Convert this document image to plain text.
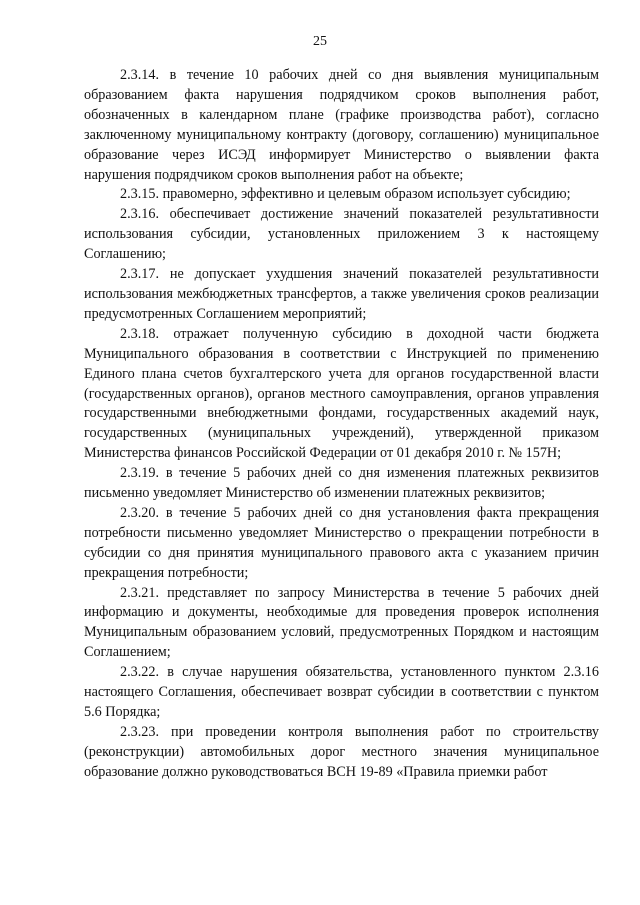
25

2.3.14. в течение 10 рабочих дней со дня выявления муниципальным образованием факта нарушения подрядчиком сроков выполнения работ, обозначенных в календарном плане (графике производства работ), согласно заключенному муниципальному контракту (договору, соглашению) муниципальное образование через ИСЭД информирует Министерство о выявлении факта нарушения подрядчиком сроков выполнения работ на объекте;

2.3.15. правомерно, эффективно и целевым образом использует субсидию;

2.3.16. обеспечивает достижение значений показателей результативности использования субсидии, установленных приложением 3 к настоящему Соглашению;

2.3.17. не допускает ухудшения значений показателей результативности использования межбюджетных трансфертов, а также увеличения сроков реализации предусмотренных Соглашением мероприятий;

2.3.18. отражает полученную субсидию в доходной части бюджета Муниципального образования в соответствии с Инструкцией по применению Единого плана счетов бухгалтерского учета для органов государственной власти (государственных органов), органов местного самоуправления, органов управления государственными внебюджетными фондами, государственных академий наук, государственных (муниципальных учреждений), утвержденной приказом Министерства финансов Российской Федерации от 01 декабря 2010 г. № 157Н;

2.3.19. в течение 5 рабочих дней со дня изменения платежных реквизитов письменно уведомляет Министерство об изменении платежных реквизитов;

2.3.20. в течение 5 рабочих дней со дня установления факта прекращения потребности письменно уведомляет Министерство о прекращении потребности в субсидии со дня принятия муниципального правового акта с указанием причин прекращения потребности;

2.3.21. представляет по запросу Министерства в течение 5 рабочих дней информацию и документы, необходимые для проведения проверок исполнения Муниципальным образованием условий, предусмотренных Порядком и настоящим Соглашением;

2.3.22. в случае нарушения обязательства, установленного пунктом 2.3.16 настоящего Соглашения, обеспечивает возврат субсидии в соответствии с пунктом 5.6 Порядка;

2.3.23. при проведении контроля выполнения работ по строительству (реконструкции) автомобильных дорог местного значения муниципальное образование должно руководствоваться ВСН 19-89 «Правила приемки работ
